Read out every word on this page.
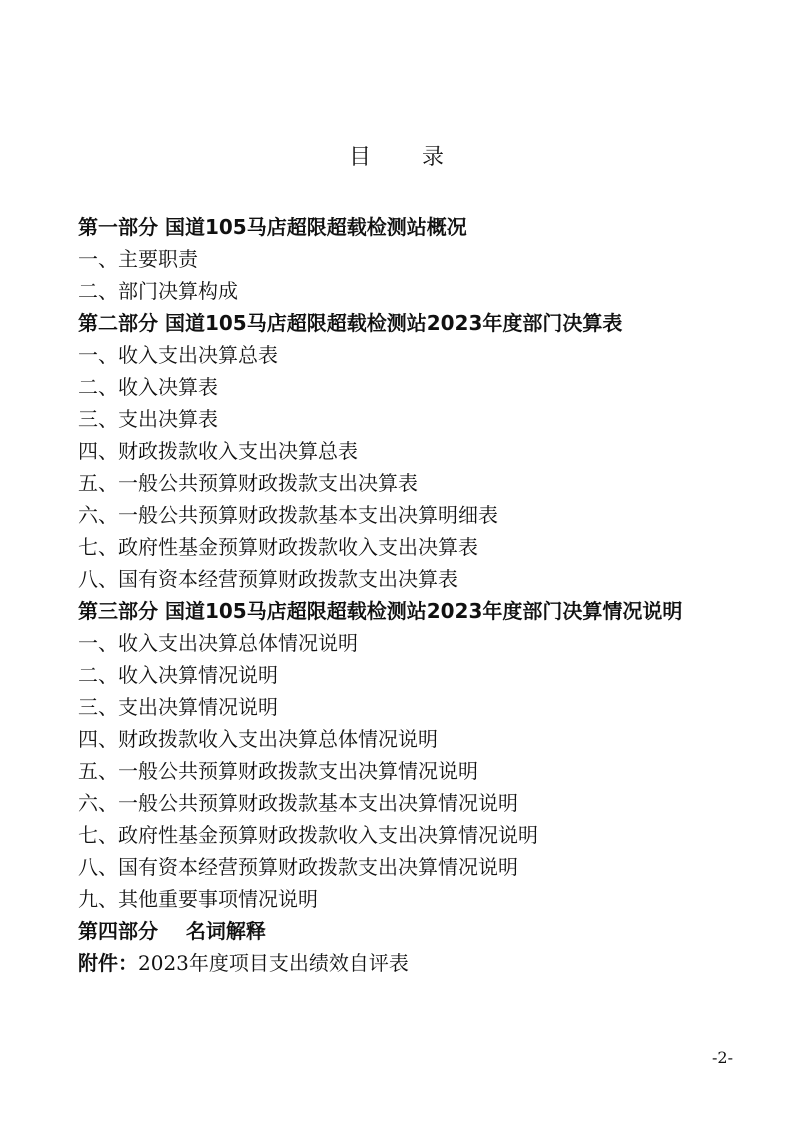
目 录
第一部分 国道105马店超限超载检测站概况
一、主要职责
二、部门决算构成
第二部分 国道105马店超限超载检测站2023年度部门决算表
一、收入支出决算总表
二、收入决算表
三、支出决算表
四、财政拨款收入支出决算总表
五、一般公共预算财政拨款支出决算表
六、一般公共预算财政拨款基本支出决算明细表
七、政府性基金预算财政拨款收入支出决算表
八、国有资本经营预算财政拨款支出决算表
第三部分 国道105马店超限超载检测站2023年度部门决算情况说明
一、收入支出决算总体情况说明
二、收入决算情况说明
三、支出决算情况说明
四、财政拨款收入支出决算总体情况说明
五、一般公共预算财政拨款支出决算情况说明
六、一般公共预算财政拨款基本支出决算情况说明
七、政府性基金预算财政拨款收入支出决算情况说明
八、国有资本经营预算财政拨款支出决算情况说明
九、其他重要事项情况说明
第四部分    名词解释
附件：2023年度项目支出绩效自评表
-2-
